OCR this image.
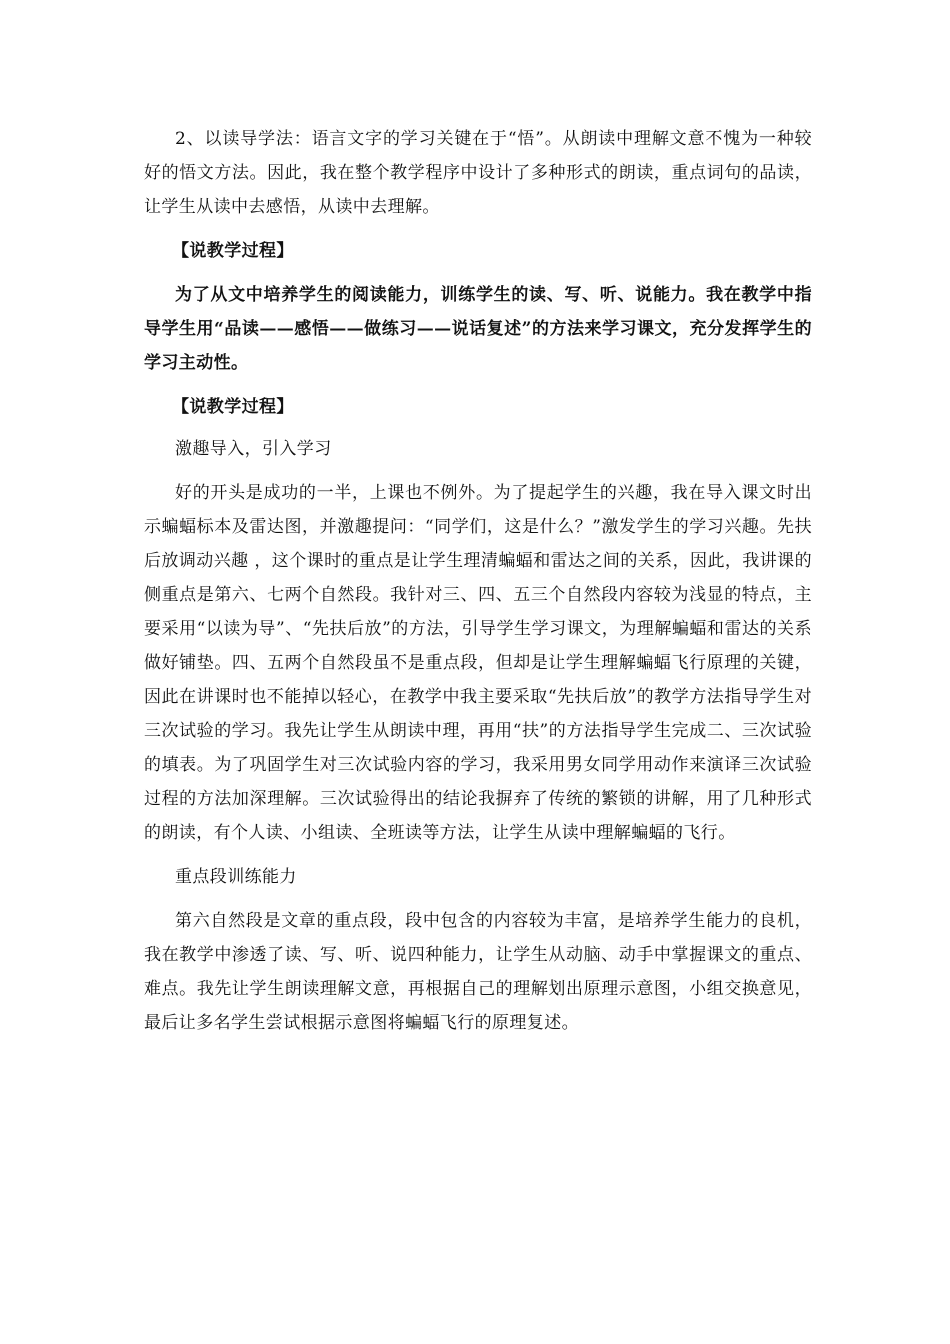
2、以读导学法：语言文字的学习关键在于“悟”。从朗读中理解文意不愧为一种较好的悟文方法。因此，我在整个教学程序中设计了多种形式的朗读，重点词句的品读，让学生从读中去感悟，从读中去理解。

【说教学过程】

为了从文中培养学生的阅读能力，训练学生的读、写、听、说能力。我在教学中指导学生用“品读——感悟——做练习——说话复述”的方法来学习课文，充分发挥学生的学习主动性。

【说教学过程】

激趣导入，引入学习

好的开头是成功的一半，上课也不例外。为了提起学生的兴趣，我在导入课文时出示蝙蝠标本及雷达图，并激趣提问：“同学们，这是什么？”激发学生的学习兴趣。先扶后放调动兴趣 ，这个课时的重点是让学生理清蝙蝠和雷达之间的关系，因此，我讲课的侧重点是第六、七两个自然段。我针对三、四、五三个自然段内容较为浅显的特点，主要采用“以读为导”、“先扶后放”的方法，引导学生学习课文，为理解蝙蝠和雷达的关系做好铺垫。四、五两个自然段虽不是重点段，但却是让学生理解蝙蝠飞行原理的关键，因此在讲课时也不能掉以轻心，在教学中我主要采取“先扶后放”的教学方法指导学生对三次试验的学习。我先让学生从朗读中理，再用“扶”的方法指导学生完成二、三次试验的填表。为了巩固学生对三次试验内容的学习，我采用男女同学用动作来演译三次试验过程的方法加深理解。三次试验得出的结论我摒弃了传统的繁锁的讲解，用了几种形式的朗读，有个人读、小组读、全班读等方法，让学生从读中理解蝙蝠的飞行。

重点段训练能力

第六自然段是文章的重点段，段中包含的内容较为丰富，是培养学生能力的良机，我在教学中渗透了读、写、听、说四种能力，让学生从动脑、动手中掌握课文的重点、难点。我先让学生朗读理解文意，再根据自己的理解划出原理示意图，小组交换意见，最后让多名学生尝试根据示意图将蝙蝠飞行的原理复述。
